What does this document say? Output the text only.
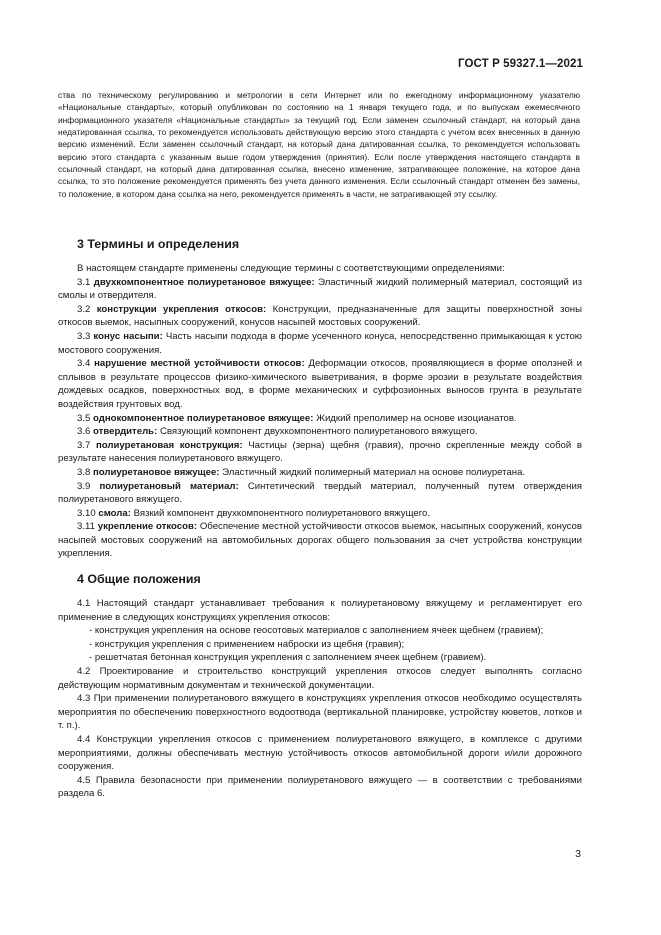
ГОСТ Р 59327.1—2021

ства по техническому регулированию и метрологии в сети Интернет или по ежегодному информационному указателю «Национальные стандарты», который опубликован по состоянию на 1 января текущего года, и по выпускам ежемесячного информационного указателя «Национальные стандарты» за текущий год. Если заменен ссылочный стандарт, на который дана недатированная ссылка, то рекомендуется использовать действующую версию этого стандарта с учетом всех внесенных в данную версию изменений. Если заменен ссылочный стандарт, на который дана датированная ссылка, то рекомендуется использовать версию этого стандарта с указанным выше годом утверждения (принятия). Если после утверждения настоящего стандарта в ссылочный стандарт, на который дана датированная ссылка, внесено изменение, затрагивающее положение, на которое дана ссылка, то это положение рекомендуется применять без учета данного изменения. Если ссылочный стандарт отменен без замены, то положение, в котором дана ссылка на него, рекомендуется применять в части, не затрагивающей эту ссылку.

3 Термины и определения

В настоящем стандарте применены следующие термины с соответствующими определениями:

3.1 двухкомпонентное полиуретановое вяжущее: Эластичный жидкий полимерный материал, состоящий из смолы и отвердителя.

3.2 конструкции укрепления откосов: Конструкции, предназначенные для защиты поверхностной зоны откосов выемок, насыпных сооружений, конусов насыпей мостовых сооружений.

3.3 конус насыпи: Часть насыпи подхода в форме усеченного конуса, непосредственно примыкающая к устою мостового сооружения.

3.4 нарушение местной устойчивости откосов: Деформации откосов, проявляющиеся в форме оползней и сплывов в результате процессов физико-химического выветривания, в форме эрозии в результате воздействия дождевых осадков, поверхностных вод, в форме механических и суффозионных выносов грунта в результате воздействия грунтовых вод.

3.5 однокомпонентное полиуретановое вяжущее: Жидкий преполимер на основе изоцианатов.

3.6 отвердитель: Связующий компонент двухкомпонентного полиуретанового вяжущего.

3.7 полиуретановая конструкция: Частицы (зерна) щебня (гравия), прочно скрепленные между собой в результате нанесения полиуретанового вяжущего.

3.8 полиуретановое вяжущее: Эластичный жидкий полимерный материал на основе полиуретана.

3.9 полиуретановый материал: Синтетический твердый материал, полученный путем отверждения полиуретанового вяжущего.

3.10 смола: Вязкий компонент двухкомпонентного полиуретанового вяжущего.

3.11 укрепление откосов: Обеспечение местной устойчивости откосов выемок, насыпных сооружений, конусов насыпей мостовых сооружений на автомобильных дорогах общего пользования за счет устройства конструкции укрепления.

4 Общие положения

4.1 Настоящий стандарт устанавливает требования к полиуретановому вяжущему и регламентирует его применение в следующих конструкциях укрепления откосов:

- конструкция укрепления на основе геосотовых материалов с заполнением ячеек щебнем (гравием);

- конструкция укрепления с применением наброски из щебня (гравия);

- решетчатая бетонная конструкция укрепления с заполнением ячеек щебнем (гравием).

4.2 Проектирование и строительство конструкций укрепления откосов следует выполнять согласно действующим нормативным документам и технической документации.

4.3 При применении полиуретанового вяжущего в конструкциях укрепления откосов необходимо осуществлять мероприятия по обеспечению поверхностного водоотвода (вертикальной планировке, устройству кюветов, лотков и т. п.).

4.4 Конструкции укрепления откосов с применением полиуретанового вяжущего, в комплексе с другими мероприятиями, должны обеспечивать местную устойчивость откосов автомобильной дороги и/или дорожного сооружения.

4.5 Правила безопасности при применении полиуретанового вяжущего — в соответствии с требованиями раздела 6.

3
